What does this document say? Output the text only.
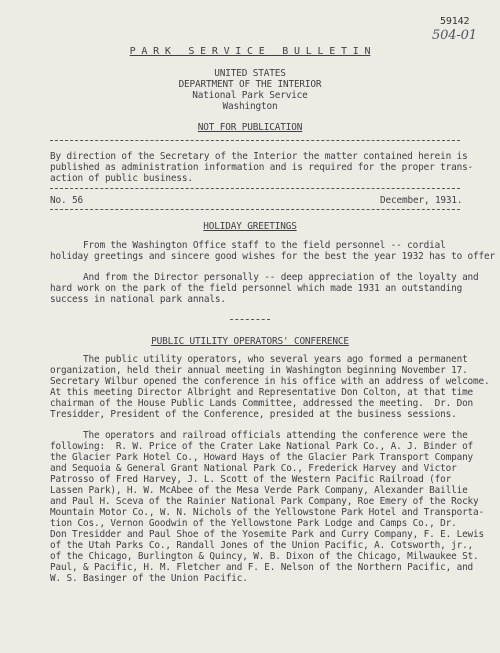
59142
504-01
P A R K   S E R V I C E   B U L L E T I N
UNITED STATES
DEPARTMENT OF THE INTERIOR
National Park Service
Washington
NOT FOR PUBLICATION
By direction of the Secretary of the Interior the matter contained herein is
published as administration information and is required for the proper trans-
action of public business.
No. 56	December, 1931.
HOLIDAY GREETINGS
From the Washington Office staff to the field personnel -- cordial
holiday greetings and sincere good wishes for the best the year 1932 has to offer
And from the Director personally -- deep appreciation of the loyalty and
hard work on the park of the field personnel which made 1931 an outstanding
success in national park annals.
PUBLIC UTILITY OPERATORS' CONFERENCE
The public utility operators, who several years ago formed a permanent
organization, held their annual meeting in Washington beginning November 17.
Secretary Wilbur opened the conference in his office with an address of welcome.
At this meeting Director Albright and Representative Don Colton, at that time
chairman of the House Public Lands Committee, addressed the meeting.  Dr. Don
Tresidder, President of the Conference, presided at the business sessions.
The operators and railroad officials attending the conference were the
following:  R. W. Price of the Crater Lake National Park Co., A. J. Binder of
the Glacier Park Hotel Co., Howard Hays of the Glacier Park Transport Company
and Sequoia & General Grant National Park Co., Frederick Harvey and Victor
Patrosso of Fred Harvey, J. L. Scott of the Western Pacific Railroad (for
Lassen Park), H. W. McAbee of the Mesa Verde Park Company, Alexander Baillie
and Paul H. Sceva of the Rainier National Park Company, Roe Emery of the Rocky
Mountain Motor Co., W. N. Nichols of the Yellowstone Park Hotel and Transporta-
tion Cos., Vernon Goodwin of the Yellowstone Park Lodge and Camps Co., Dr.
Don Tresidder and Paul Shoe of the Yosemite Park and Curry Company, F. E. Lewis
of the Utah Parks Co., Randall Jones of the Union Pacific, A. Cotsworth, jr.,
of the Chicago, Burlington & Quincy, W. B. Dixon of the Chicago, Milwaukee St.
Paul, & Pacific, H. M. Fletcher and F. E. Nelson of the Northern Pacific, and
W. S. Basinger of the Union Pacific.
